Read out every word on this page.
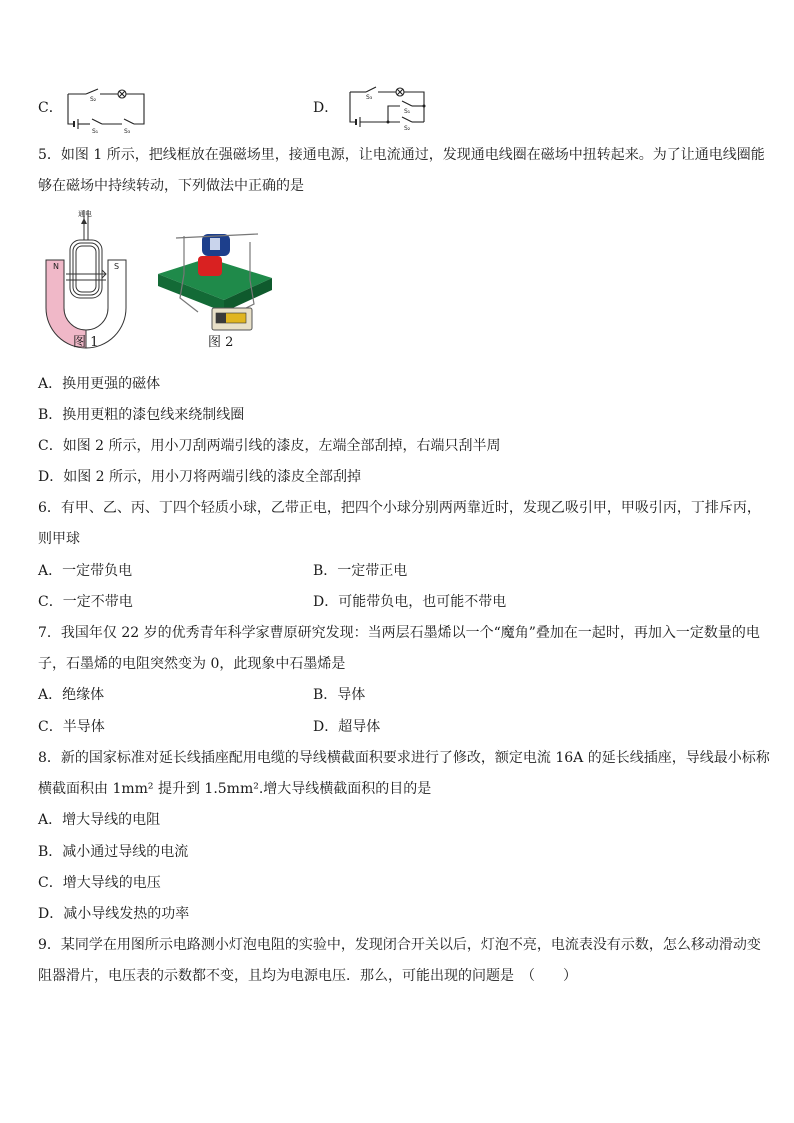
C．
S₂
S₁	S₃
D．
S₃
S₁
S₂
5．如图 1 所示，把线框放在强磁场里，接通电源，让电流通过，发现通电线圈在磁场中扭转起来。为了让通电线圈能
够在磁场中持续转动，下列做法中正确的是
N	S
通电
图 1	图 2
A．换用更强的磁体
B．换用更粗的漆包线来绕制线圈
C．如图 2 所示，用小刀刮两端引线的漆皮，左端全部刮掉，右端只刮半周
D．如图 2 所示，用小刀将两端引线的漆皮全部刮掉
6．有甲、乙、丙、丁四个轻质小球，乙带正电，把四个小球分别两两靠近时，发现乙吸引甲，甲吸引丙，丁排斥丙，
则甲球
A．一定带负电	B．一定带正电
C．一定不带电	D．可能带负电，也可能不带电
7．我国年仅 22 岁的优秀青年科学家曹原研究发现：当两层石墨烯以一个“魔角”叠加在一起时，再加入一定数量的电
子，石墨烯的电阻突然变为 0，此现象中石墨烯是
A．绝缘体	B．导体
C．半导体	D．超导体
8．新的国家标准对延长线插座配用电缆的导线横截面积要求进行了修改，额定电流 16A 的延长线插座，导线最小标称
横截面积由 1mm² 提升到 1.5mm².增大导线横截面积的目的是
A．增大导线的电阻
B．减小通过导线的电流
C．增大导线的电压
D．减小导线发热的功率
9．某同学在用图所示电路测小灯泡电阻的实验中，发现闭合开关以后，灯泡不亮，电流表没有示数，怎么移动滑动变
阻器滑片，电压表的示数都不变，且均为电源电压．那么，可能出现的问题是　（　　）
